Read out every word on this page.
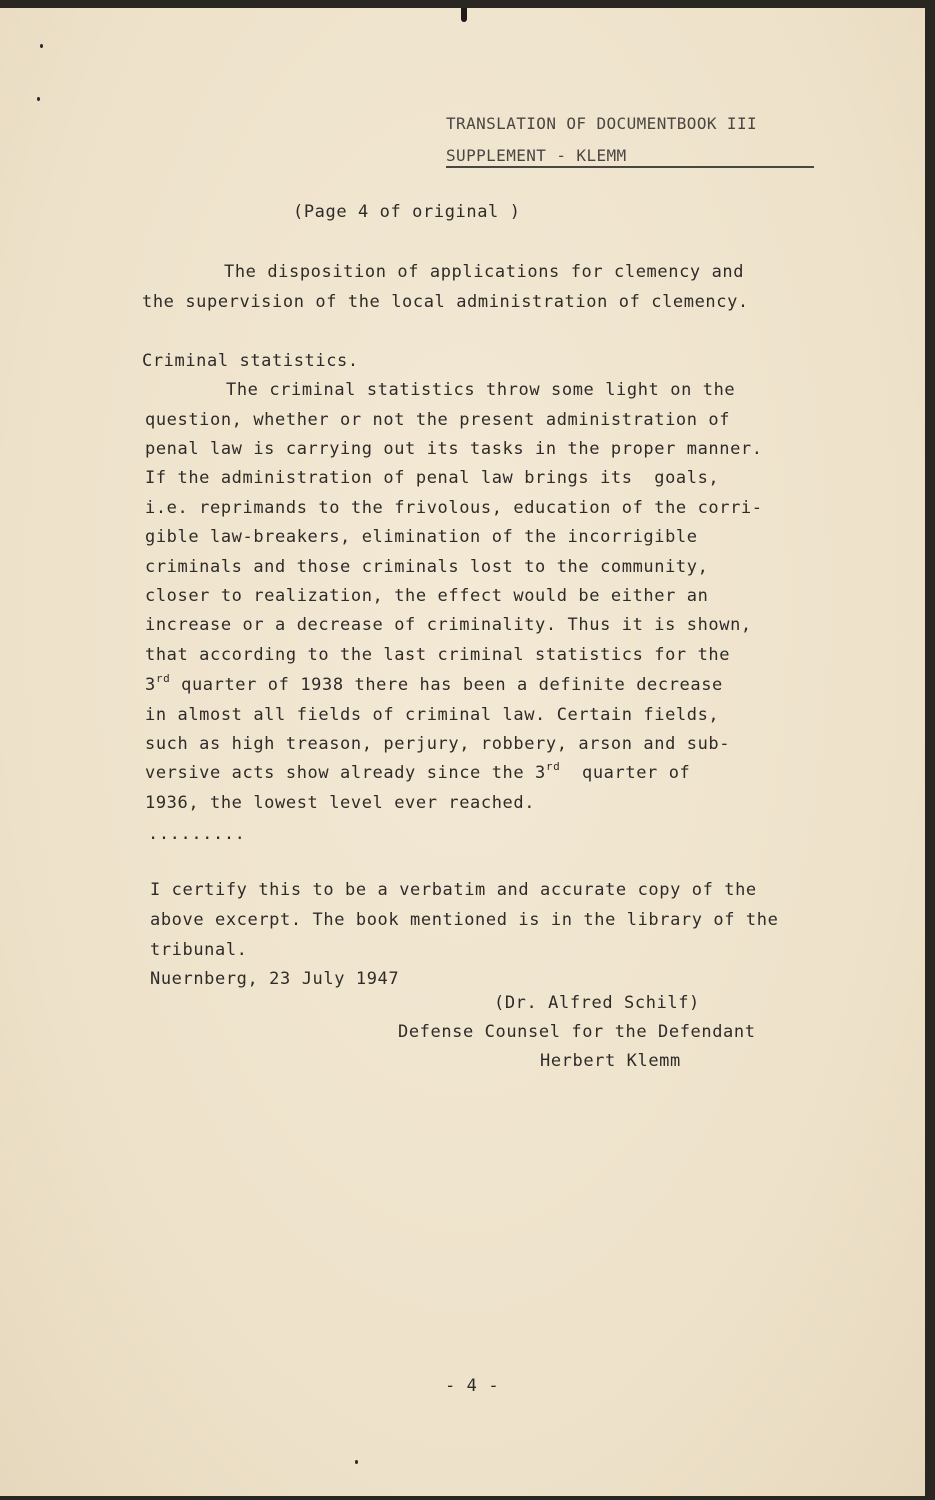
TRANSLATION OF DOCUMENTBOOK III
SUPPLEMENT - KLEMM
(Page 4 of original )
The disposition of applications for clemency and
the supervision of the local administration of clemency.
Criminal statistics.
The criminal statistics throw some light on the
question, whether or not the present administration of
penal law is carrying out its tasks in the proper manner.
If the administration of penal law brings its  goals,
i.e. reprimands to the frivolous, education of the corri-
gible law-breakers, elimination of the incorrigible
criminals and those criminals lost to the community,
closer to realization, the effect would be either an
increase or a decrease of criminality. Thus it is shown,
that according to the last criminal statistics for the
3rd quarter of 1938 there has been a definite decrease
in almost all fields of criminal law. Certain fields,
such as high treason, perjury, robbery, arson and sub-
versive acts show already since the 3rd  quarter of
1936, the lowest level ever reached.
.........
I certify this to be a verbatim and accurate copy of the
above excerpt. The book mentioned is in the library of the
tribunal.
Nuernberg, 23 July 1947
(Dr. Alfred Schilf)
Defense Counsel for the Defendant
Herbert Klemm
- 4 -
